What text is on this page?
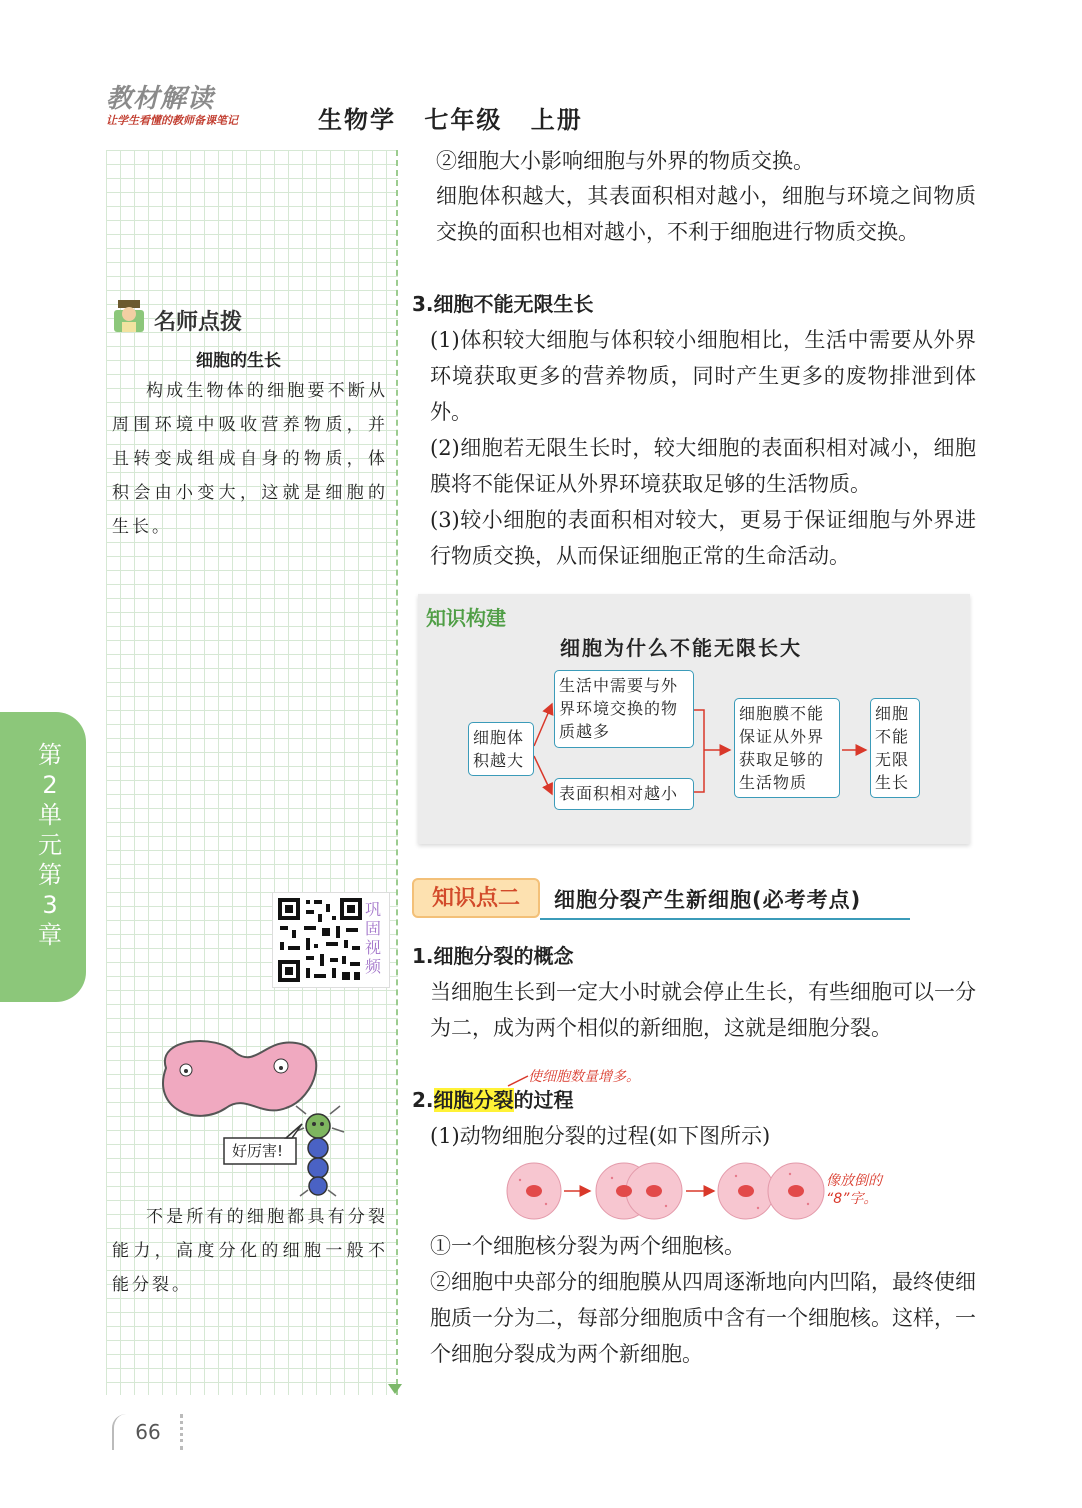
教材解读
让学生看懂的教师备课笔记	生物学 七年级 上册
名师点拨
细胞的生长
构成生物体的细胞要不断从周围环境中吸收营养物质，并且转变成组成自身的物质，体积会由小变大，这就是细胞的生长。
巩固视频
好厉害!
不是所有的细胞都具有分裂能力，高度分化的细胞一般不能分裂。
第2单元 第3章
②细胞大小影响细胞与外界的物质交换。
细胞体积越大，其表面积相对越小，细胞与环境之间物质交换的面积也相对越小，不利于细胞进行物质交换。
3.细胞不能无限生长
(1)体积较大细胞与体积较小细胞相比，生活中需要从外界环境获取更多的营养物质，同时产生更多的废物排泄到体外。
(2)细胞若无限生长时，较大细胞的表面积相对减小，细胞膜将不能保证从外界环境获取足够的生活物质。
(3)较小细胞的表面积相对较大，更易于保证细胞与外界进行物质交换，从而保证细胞正常的生命活动。
知识构建
细胞为什么不能无限长大
细胞体积越大
生活中需要与外界环境交换的物质越多
表面积相对越小
细胞膜不能保证从外界获取足够的生活物质
细胞不能无限生长
知识点二	细胞分裂产生新细胞(必考考点)
1.细胞分裂的概念
当细胞生长到一定大小时就会停止生长，有些细胞可以一分为二，成为两个相似的新细胞，这就是细胞分裂。
2.细胞分裂的过程
(1)动物细胞分裂的过程(如下图所示)
①一个细胞核分裂为两个细胞核。
②细胞中央部分的细胞膜从四周逐渐地向内凹陷，最终使细胞质一分为二，每部分细胞质中含有一个细胞核。这样，一个细胞分裂成为两个新细胞。
使细胞数量增多。
像放倒的
“8”字。
66
